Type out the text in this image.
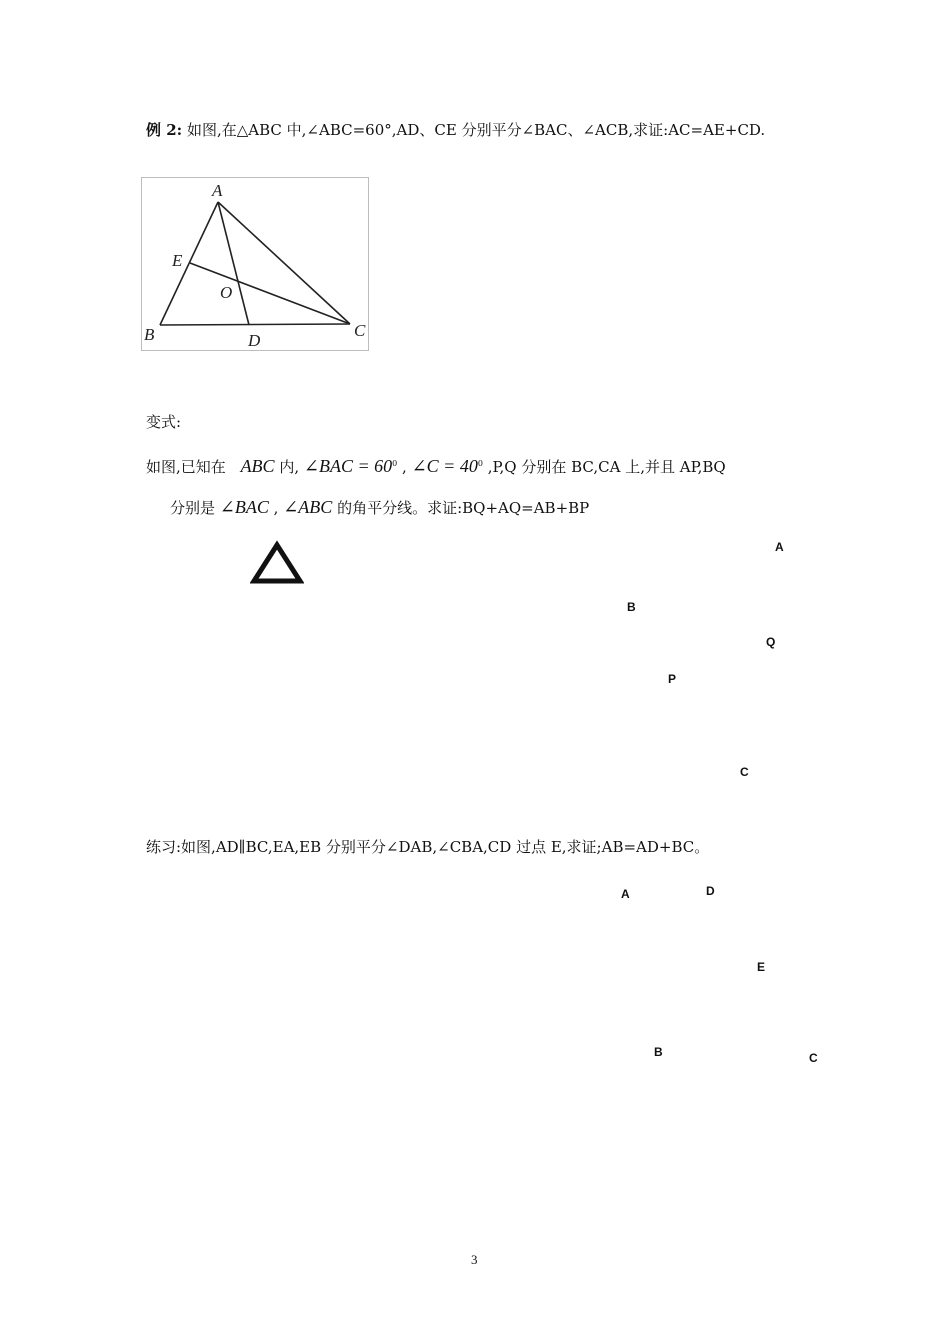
例 2: 如图,在△ABC 中,∠ABC=60°,AD、CE 分别平分∠BAC、∠ACB,求证:AC=AE+CD.
A
B	C
D
E
O
变式:
如图,已知在 ABC 内, ∠BAC = $60^0$ , ∠C = $40^0$ ,P,Q 分别在 BC,CA 上,并且 AP,BQ
分别是 ∠BAC , ∠ABC 的角平分线。求证:BQ+AQ=AB+BP
A
B
Q
P
C
练习:如图,AD∥BC,EA,EB 分别平分∠DAB,∠CBA,CD 过点 E,求证;AB=AD+BC。
A	D
E
B	C
3
